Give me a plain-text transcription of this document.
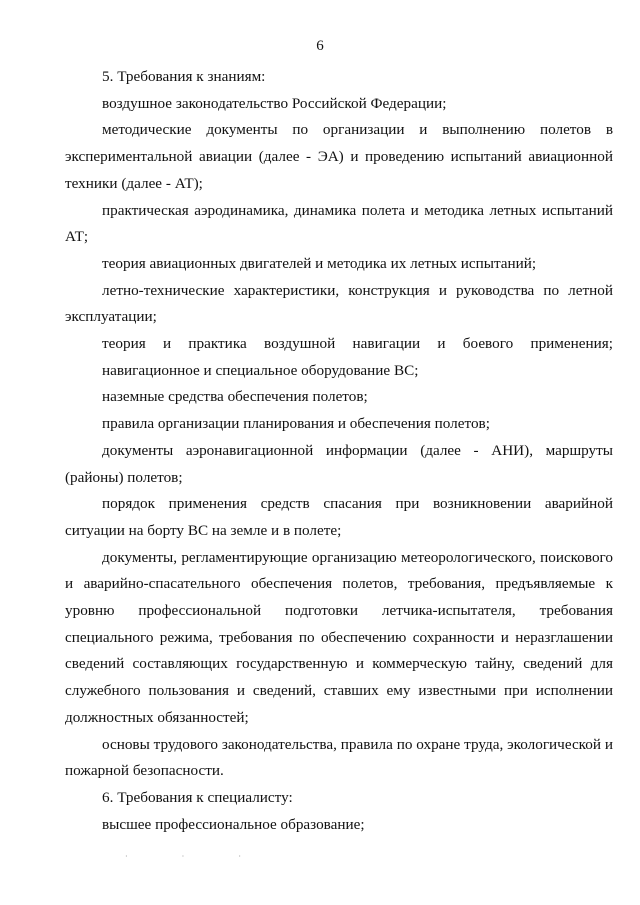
6

5. Требования к знаниям:

воздушное законодательство Российской Федерации;

методические документы по организации и выполнению полетов в экспериментальной авиации (далее - ЭА) и проведению испытаний авиационной техники (далее - АТ);

практическая аэродинамика, динамика полета и методика летных испытаний АТ;

теория авиационных двигателей и методика их летных испытаний;

летно-технические характеристики, конструкция и руководства по летной эксплуатации;

теория и практика воздушной навигации и боевого применения;

навигационное и специальное оборудование ВС;

наземные средства обеспечения полетов;

правила организации планирования и обеспечения полетов;

документы аэронавигационной информации (далее - АНИ), маршруты (районы) полетов;

порядок применения средств спасания при возникновении аварийной ситуации на борту ВС на земле и в полете;

документы, регламентирующие организацию метеорологического, поискового и аварийно-спасательного обеспечения полетов, требования, предъявляемые к уровню профессиональной подготовки летчика-испытателя, требования специального режима, требования по обеспечению сохранности и неразглашении сведений составляющих государственную и коммерческую тайну, сведений для служебного пользования и сведений, ставших ему известными при исполнении должностных обязанностей;

основы трудового законодательства, правила по охране труда, экологической и пожарной безопасности.

6. Требования к специалисту:

высшее профессиональное образование;

· · ·
